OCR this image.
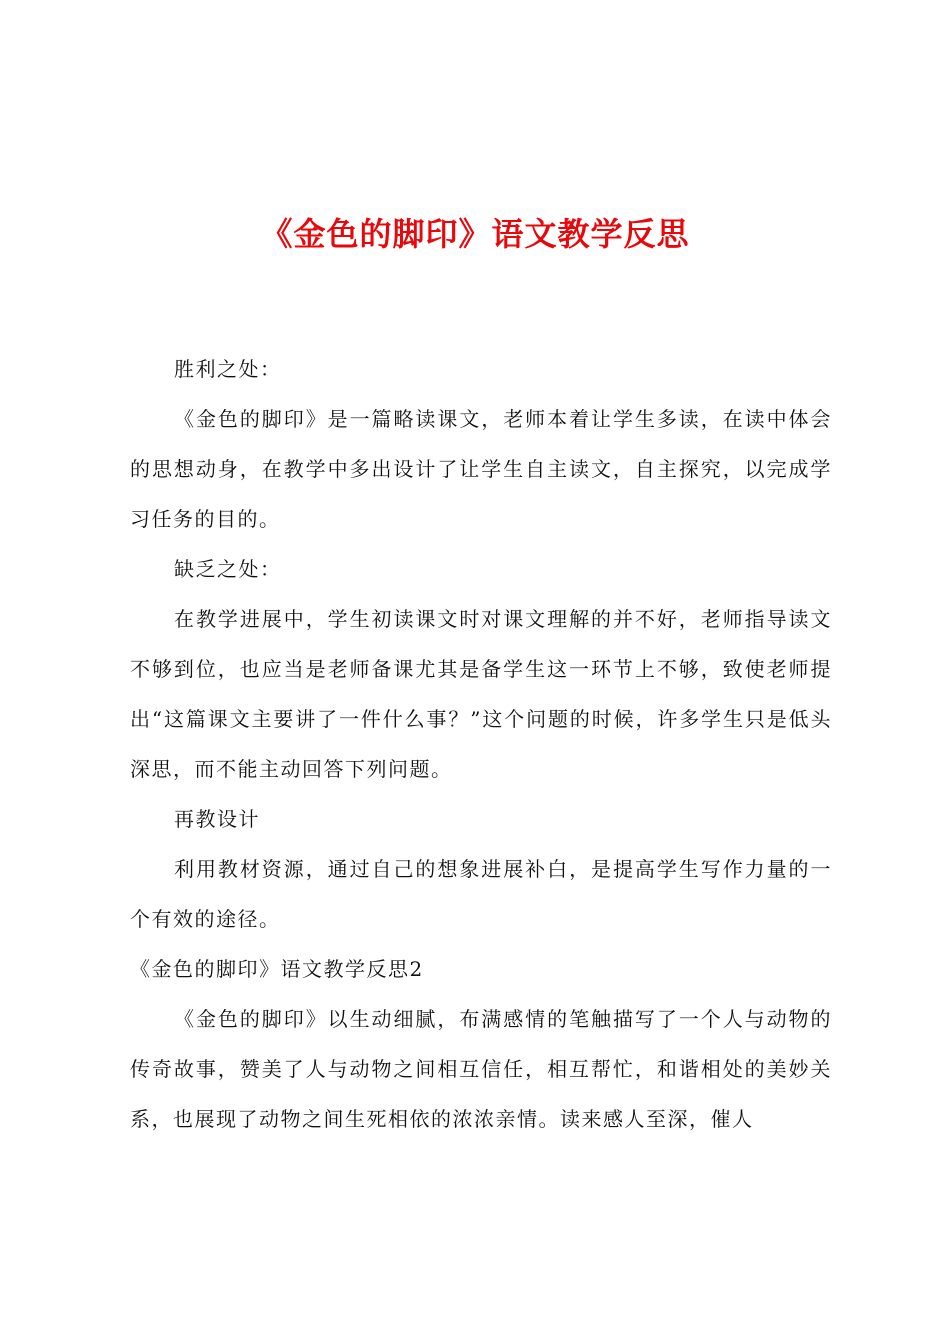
《金色的脚印》语文教学反思

胜利之处：

《金色的脚印》是一篇略读课文，老师本着让学生多读，在读中体会的思想动身，在教学中多出设计了让学生自主读文，自主探究，以完成学习任务的目的。

缺乏之处：

在教学进展中，学生初读课文时对课文理解的并不好，老师指导读文不够到位，也应当是老师备课尤其是备学生这一环节上不够，致使老师提出“这篇课文主要讲了一件什么事？”这个问题的时候，许多学生只是低头深思，而不能主动回答下列问题。

再教设计

利用教材资源，通过自己的想象进展补白，是提高学生写作力量的一个有效的途径。

《金色的脚印》语文教学反思2

《金色的脚印》以生动细腻，布满感情的笔触描写了一个人与动物的传奇故事，赞美了人与动物之间相互信任，相互帮忙，和谐相处的美妙关系，也展现了动物之间生死相依的浓浓亲情。读来感人至深，催人
